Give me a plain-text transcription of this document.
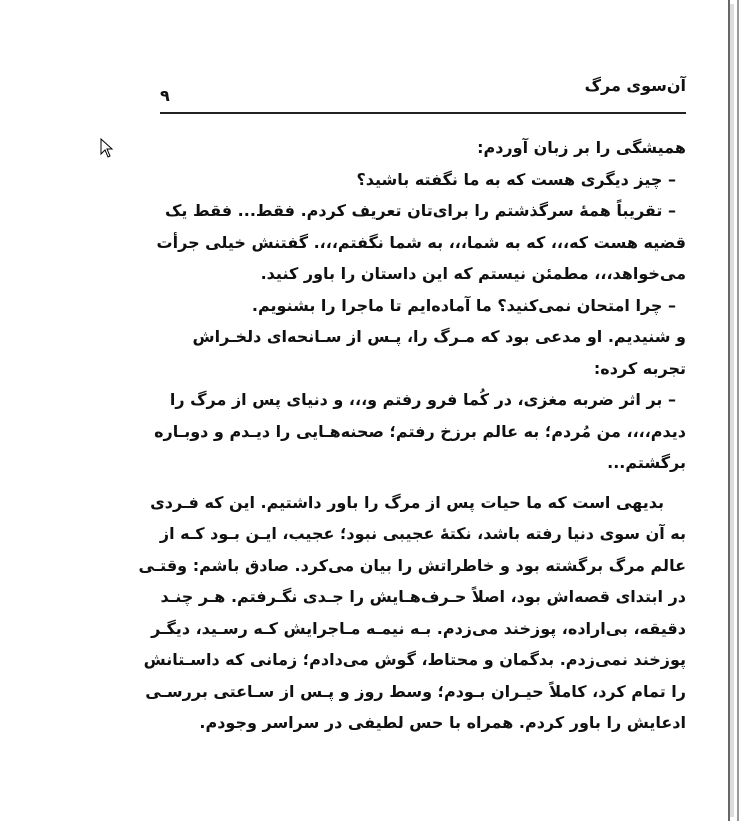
آن‌سوی مرگ
۹
همیشگی را بر زبان آوردم:
– چیز دیگری هست که به ما نگفته باشید؟
– تقریباً همهٔ سرگذشتم را برای‌تان تعریف کردم. فقط... فقط یک
قضیه هست که،،، که به شما،،، به شما نگفتم،،،. گفتنش خیلی جرأت
می‌خواهد،،، مطمئن نیستم که این داستان را باور کنید.
– چرا امتحان نمی‌کنید؟ ما آماده‌ایم تا ماجرا را بشنویم.
و شنیدیم. او مدعی بود که مـرگ را، پـس از سـانحه‌ای دلخـراش
تجربه کرده:
– بر اثر ضربه مغزی، در کُما فرو رفتم و،،، و دنیای پس از مرگ را
دیدم،،،، من مُردم؛ به عالم برزخ رفتم؛ صحنه‌هـایی را دیـدم و دوبـاره
برگشتم...
بدیهی است که ما حیات پس از مرگ را باور داشتیم. این که فـردی
به آن سوی دنیا رفته باشد، نکتهٔ عجیبی نبود؛ عجیب، ایـن بـود کـه از
عالم مرگ برگشته بود و خاطراتش را بیان می‌کرد. صادق باشم: وقتـی
در ابتدای قصه‌اش بود، اصلاً حـرف‌هـایش را جـدی نگـرفتم. هـر چنـد
دقیقه، بی‌اراده، پوزخند می‌زدم. بـه نیمـه مـاجرایش کـه رسـید، دیگـر
پوزخند نمی‌زدم. بدگمان و محتاط، گوش می‌دادم؛ زمانی که داسـتانش
را تمام کرد، کاملاً حیـران بـودم؛ وسط روز و پـس از سـاعتی بررسـی
ادعایش را باور کردم. همراه با حس لطیفی در سراسر وجودم.
